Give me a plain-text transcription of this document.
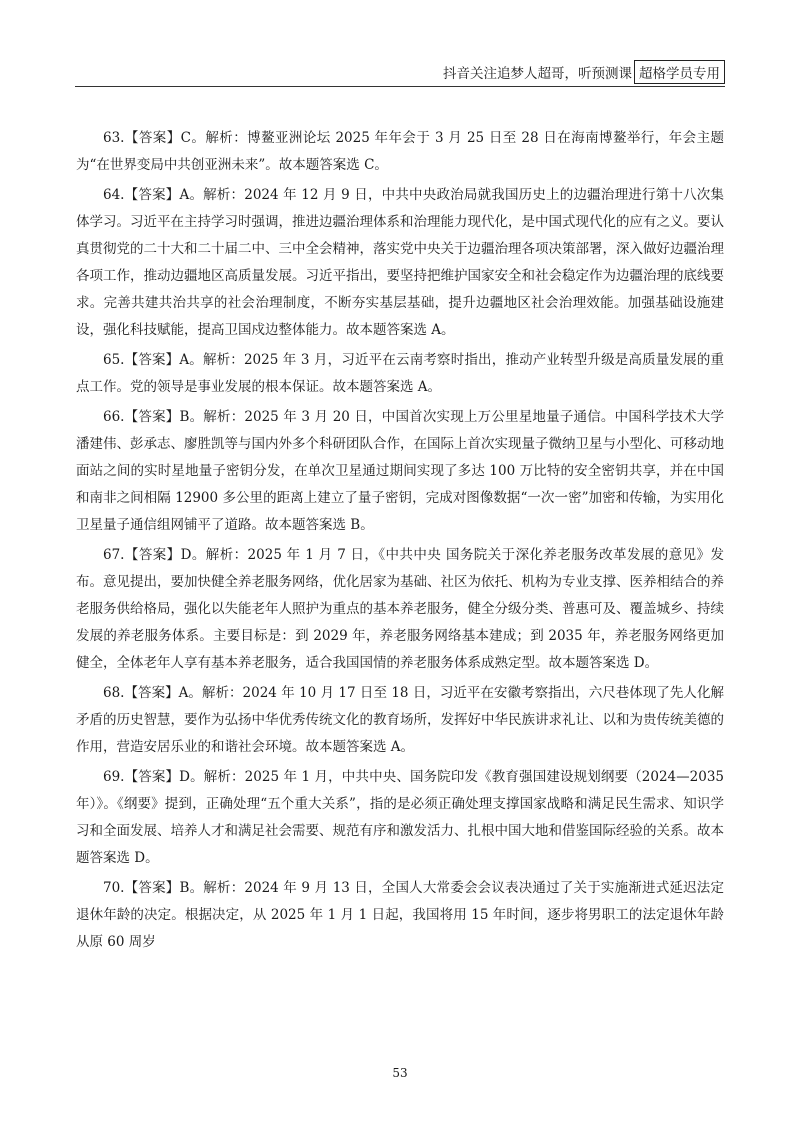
抖音关注追梦人超哥，听预测课 超格学员专用

63.【答案】C。解析：博鳌亚洲论坛 2025 年年会于 3 月 25 日至 28 日在海南博鳌举行，年会主题为“在世界变局中共创亚洲未来”。故本题答案选 C。

64.【答案】A。解析：2024 年 12 月 9 日，中共中央政治局就我国历史上的边疆治理进行第十八次集体学习。习近平在主持学习时强调，推进边疆治理体系和治理能力现代化，是中国式现代化的应有之义。要认真贯彻党的二十大和二十届二中、三中全会精神，落实党中央关于边疆治理各项决策部署，深入做好边疆治理各项工作，推动边疆地区高质量发展。习近平指出，要坚持把维护国家安全和社会稳定作为边疆治理的底线要求。完善共建共治共享的社会治理制度，不断夯实基层基础，提升边疆地区社会治理效能。加强基础设施建设，强化科技赋能，提高卫国戍边整体能力。故本题答案选 A。

65.【答案】A。解析：2025 年 3 月，习近平在云南考察时指出，推动产业转型升级是高质量发展的重点工作。党的领导是事业发展的根本保证。故本题答案选 A。

66.【答案】B。解析：2025 年 3 月 20 日，中国首次实现上万公里星地量子通信。中国科学技术大学潘建伟、彭承志、廖胜凯等与国内外多个科研团队合作，在国际上首次实现量子微纳卫星与小型化、可移动地面站之间的实时星地量子密钥分发，在单次卫星通过期间实现了多达 100 万比特的安全密钥共享，并在中国和南非之间相隔 12900 多公里的距离上建立了量子密钥，完成对图像数据“一次一密”加密和传输，为实用化卫星量子通信组网铺平了道路。故本题答案选 B。

67.【答案】D。解析：2025 年 1 月 7 日，《中共中央 国务院关于深化养老服务改革发展的意见》发布。意见提出，要加快健全养老服务网络，优化居家为基础、社区为依托、机构为专业支撑、医养相结合的养老服务供给格局，强化以失能老年人照护为重点的基本养老服务，健全分级分类、普惠可及、覆盖城乡、持续发展的养老服务体系。主要目标是：到 2029 年，养老服务网络基本建成；到 2035 年，养老服务网络更加健全，全体老年人享有基本养老服务，适合我国国情的养老服务体系成熟定型。故本题答案选 D。

68.【答案】A。解析：2024 年 10 月 17 日至 18 日，习近平在安徽考察指出，六尺巷体现了先人化解矛盾的历史智慧，要作为弘扬中华优秀传统文化的教育场所，发挥好中华民族讲求礼让、以和为贵传统美德的作用，营造安居乐业的和谐社会环境。故本题答案选 A。

69.【答案】D。解析：2025 年 1 月，中共中央、国务院印发《教育强国建设规划纲要（2024—2035 年）》。《纲要》提到，正确处理“五个重大关系”，指的是必须正确处理支撑国家战略和满足民生需求、知识学习和全面发展、培养人才和满足社会需要、规范有序和激发活力、扎根中国大地和借鉴国际经验的关系。故本题答案选 D。

70.【答案】B。解析：2024 年 9 月 13 日，全国人大常委会会议表决通过了关于实施渐进式延迟法定退休年龄的决定。根据决定，从 2025 年 1 月 1 日起，我国将用 15 年时间，逐步将男职工的法定退休年龄从原 60 周岁

53
